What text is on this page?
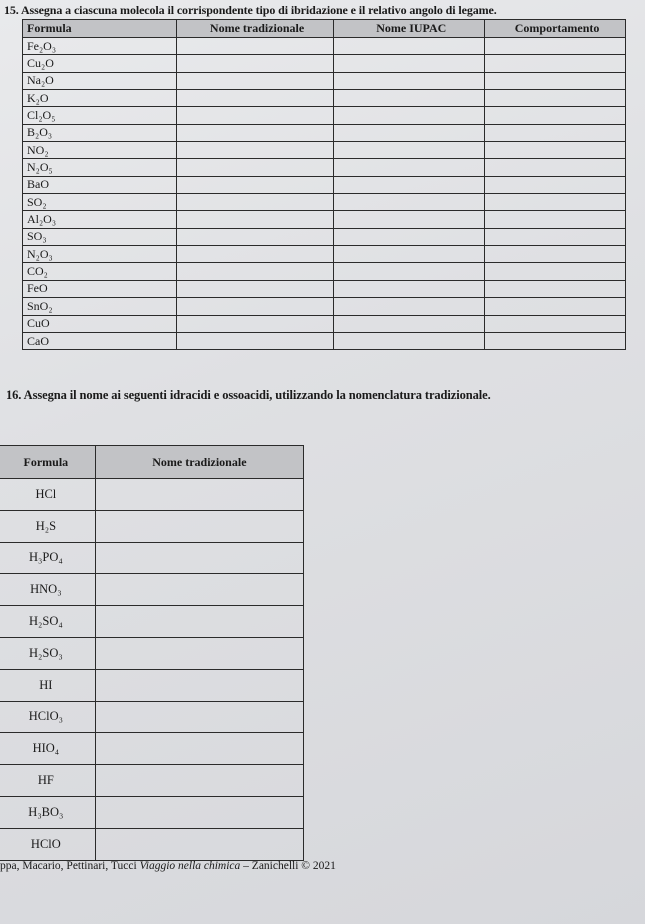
15. Assegna a ciascuna molecola il corrispondente tipo di ibridazione e il relativo angolo di legame.
Formula	Nome tradizionale	Nome IUPAC	Comportamento
Fe₂O₃			
Cu₂O			
Na₂O			
K₂O			
Cl₂O₅			
B₂O₃			
NO₂			
N₂O₅			
BaO			
SO₂			
Al₂O₃			
SO₃			
N₂O₃			
CO₂			
FeO			
SnO₂			
CuO			
CaO			
16. Assegna il nome ai seguenti idracidi e ossoacidi, utilizzando la nomenclatura tradizionale.
Formula	Nome tradizionale
HCl	
H₂S	
H₃PO₄	
HNO₃	
H₂SO₄	
H₂SO₃	
HI	
HClO₃	
HIO₄	
HF	
H₃BO₃	
HClO	
ppa, Macario, Pettinari, Tucci Viaggio nella chimica – Zanichelli © 2021
